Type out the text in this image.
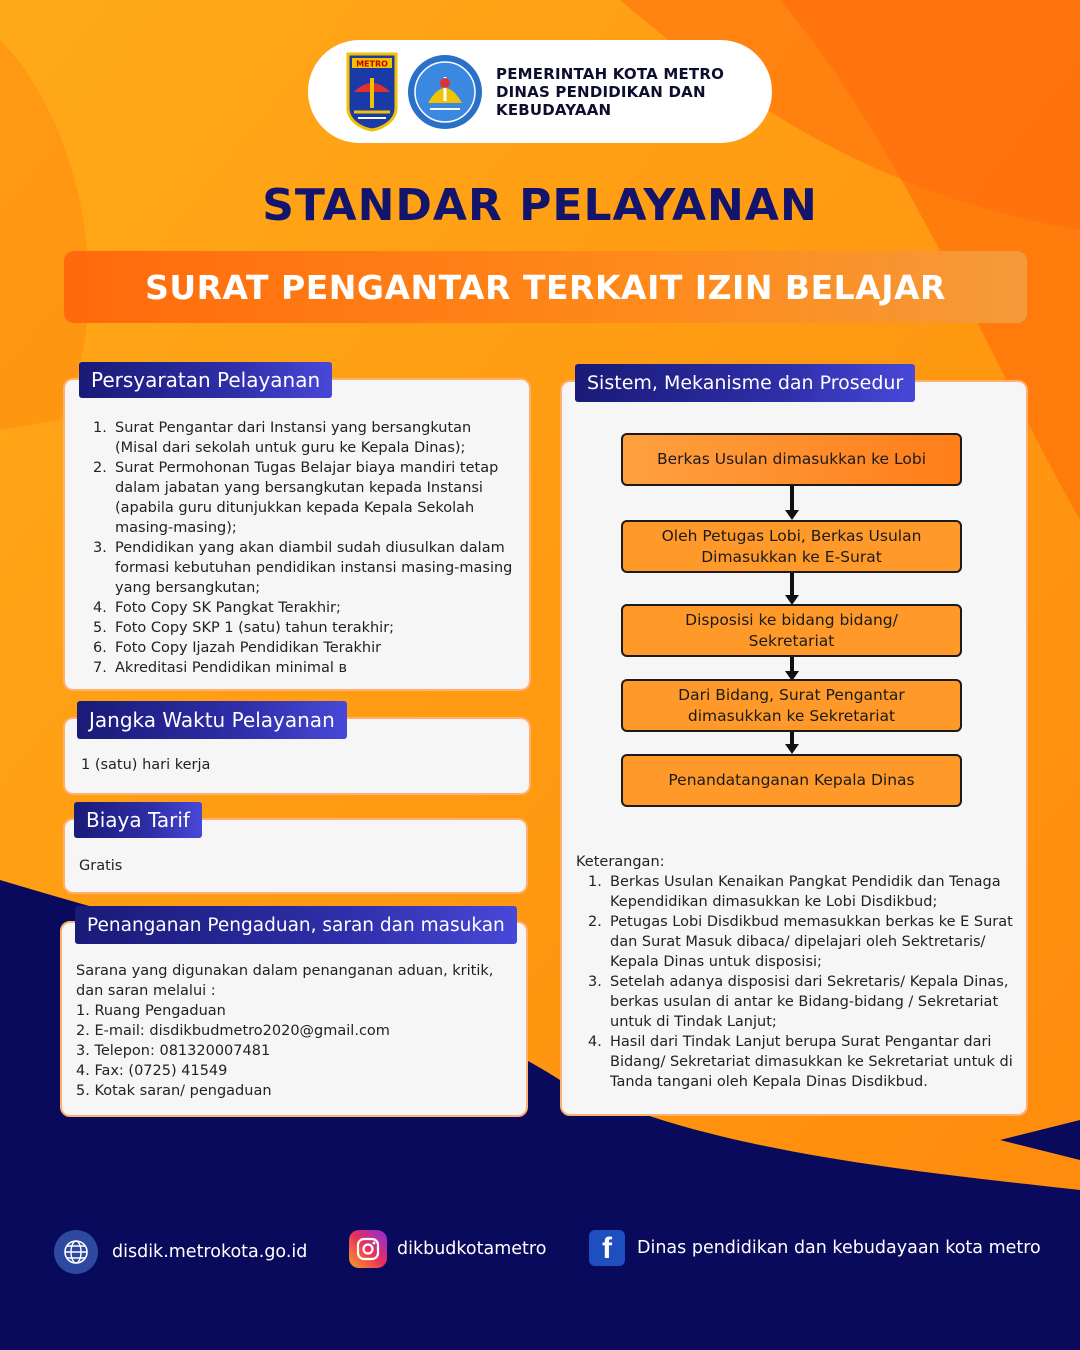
METRO
PEMERINTAH KOTA METRO
DINAS PENDIDIKAN DAN
KEBUDAYAAN
STANDAR PELAYANAN
SURAT PENGANTAR TERKAIT IZIN BELAJAR
1. Surat Pengantar dari Instansi yang bersangkutan (Misal dari sekolah untuk guru ke Kepala Dinas);
2. Surat Permohonan Tugas Belajar biaya mandiri tetap dalam jabatan yang bersangkutan kepada Instansi (apabila guru ditunjukkan kepada Kepala Sekolah masing-masing);
3. Pendidikan yang akan diambil sudah diusulkan dalam formasi kebutuhan pendidikan instansi masing-masing yang bersangkutan;
4. Foto Copy SK Pangkat Terakhir;
5. Foto Copy SKP 1 (satu) tahun terakhir;
6. Foto Copy Ijazah Pendidikan Terakhir
7. Akreditasi Pendidikan minimal в
Persyaratan Pelayanan
1 (satu) hari kerja
Jangka Waktu Pelayanan
Gratis
Biaya Tarif
Sarana yang digunakan dalam penanganan aduan, kritik, dan saran melalui :
1. Ruang Pengaduan
2. E-mail: disdikbudmetro2020@gmail.com
3. Telepon: 081320007481
4. Fax: (0725) 41549
5. Kotak saran/ pengaduan
Penanganan Pengaduan, saran dan masukan
Keterangan:
1. Berkas Usulan Kenaikan Pangkat Pendidik dan Tenaga Kependidikan dimasukkan ke Lobi Disdikbud;
2. Petugas Lobi Disdikbud memasukkan berkas ke E Surat dan Surat Masuk dibaca/ dipelajari oleh Sektretaris/ Kepala Dinas untuk disposisi;
3. Setelah adanya disposisi dari Sekretaris/ Kepala Dinas, berkas usulan di antar ke Bidang-bidang / Sekretariat untuk di Tindak Lanjut;
4. Hasil dari Tindak Lanjut berupa Surat Pengantar dari Bidang/ Sekretariat dimasukkan ke Sekretariat untuk di Tanda tangani oleh Kepala Dinas Disdikbud.
Sistem, Mekanisme dan Prosedur
Berkas Usulan dimasukkan ke Lobi
Oleh Petugas Lobi, Berkas Usulan Dimasukkan ke E-Surat
Disposisi ke bidang bidang/ Sekretariat
Dari Bidang, Surat Pengantar dimasukkan ke Sekretariat
Penandatanganan Kepala Dinas
disdik.metrokota.go.id	dikbudkotametro	f	Dinas pendidikan dan kebudayaan kota metro
